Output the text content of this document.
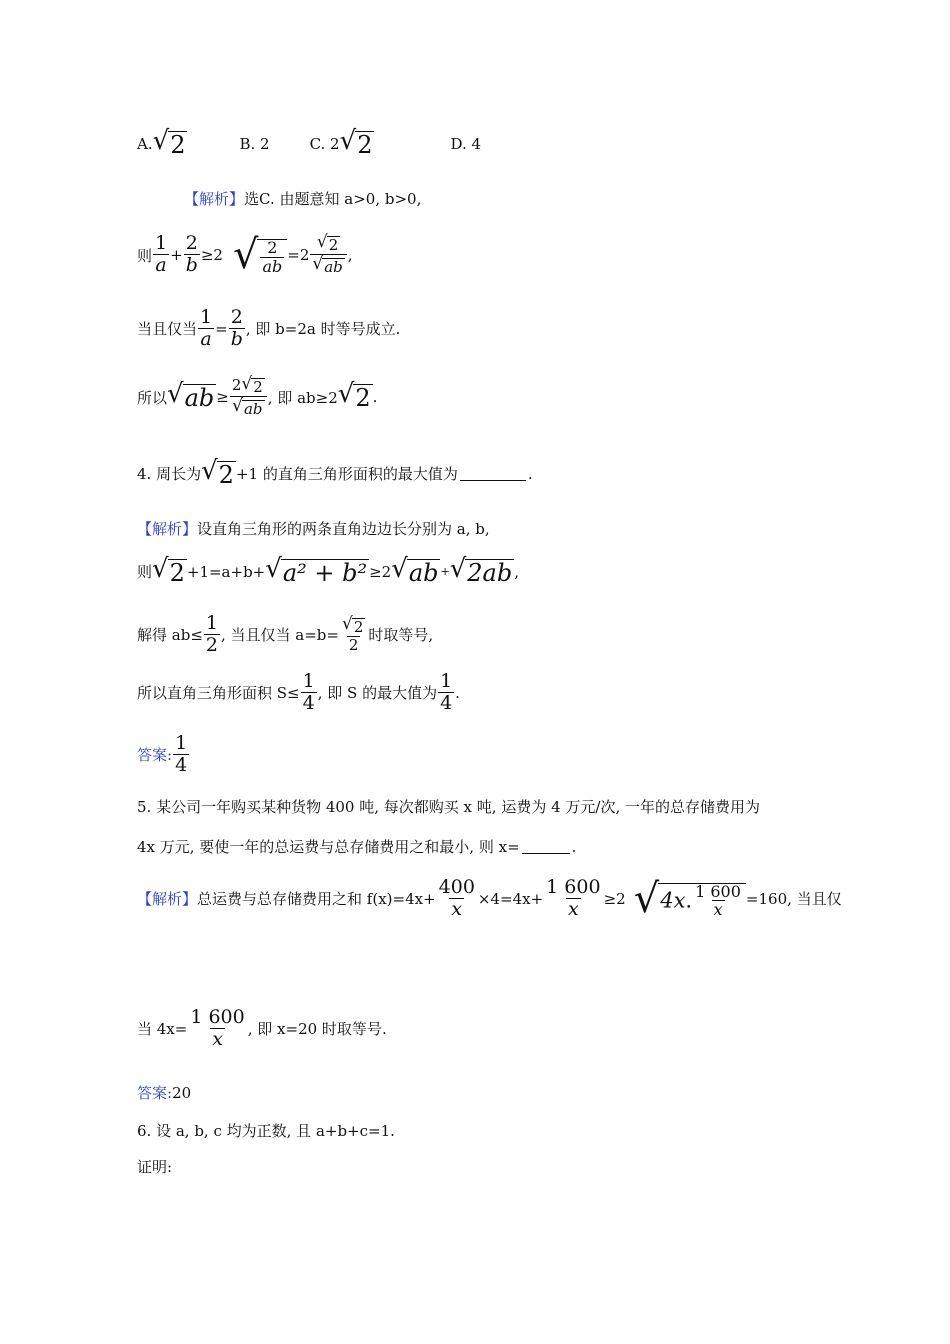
A. √ 2	B. 2	C. 2 √ 2	D. 4
【解析】 选C. 由题意知 a>0, b>0,
则 $\frac{1}{a} + \frac{2}{b} \ge 2$ √ $\frac{2}{ab} =2 \frac{√ 2}{√ ab}$ ,
当且仅当 $\frac{1}{a} = \frac{2}{b}$ , 即 b=2a 时等号成立.
所以 √ ab ≥ $\frac{2 √ 2}{√ ab}$ , 即 ab≥2 √ 2 .
4. 周长为 √ 2 +1 的直角三角形面积的最大值为	.
【解析】 设直角三角形的两条直角边边长分别为 a, b,
则 √ 2 +1=a+b+ √ a² + b² ≥2 √ ab + √ 2ab ,
解得 $ab\le \frac{1}{2}$ , 当且仅当 $a=b= \frac{√ 2}{2}$ 时取等号,
所以直角三角形面积 $S\le \frac{1}{4}$ , 即 S 的最大值为 $\frac{1}{4}$ .
答案: $\frac{1}{4}$
5. 某公司一年购买某种货物 400 吨, 每次都购买 x 吨, 运费为 4 万元/次, 一年的总存储费用为
4x 万元, 要使一年的总运费与总存储费用之和最小, 则 x=	.
【解析】 总运费与总存储费用之和 $f(x)=4x+ \frac{400}{x} \times 4=4x+ \frac{1 600}{x} \ge 2$ √ 4x. $\frac{1 600}{x} =160$, 当且仅
当 $4x= \frac{1 600}{x}$ , 即 x=20 时取等号.
答案: 20
6. 设 a, b, c 均为正数, 且 a+b+c=1.
证明:
